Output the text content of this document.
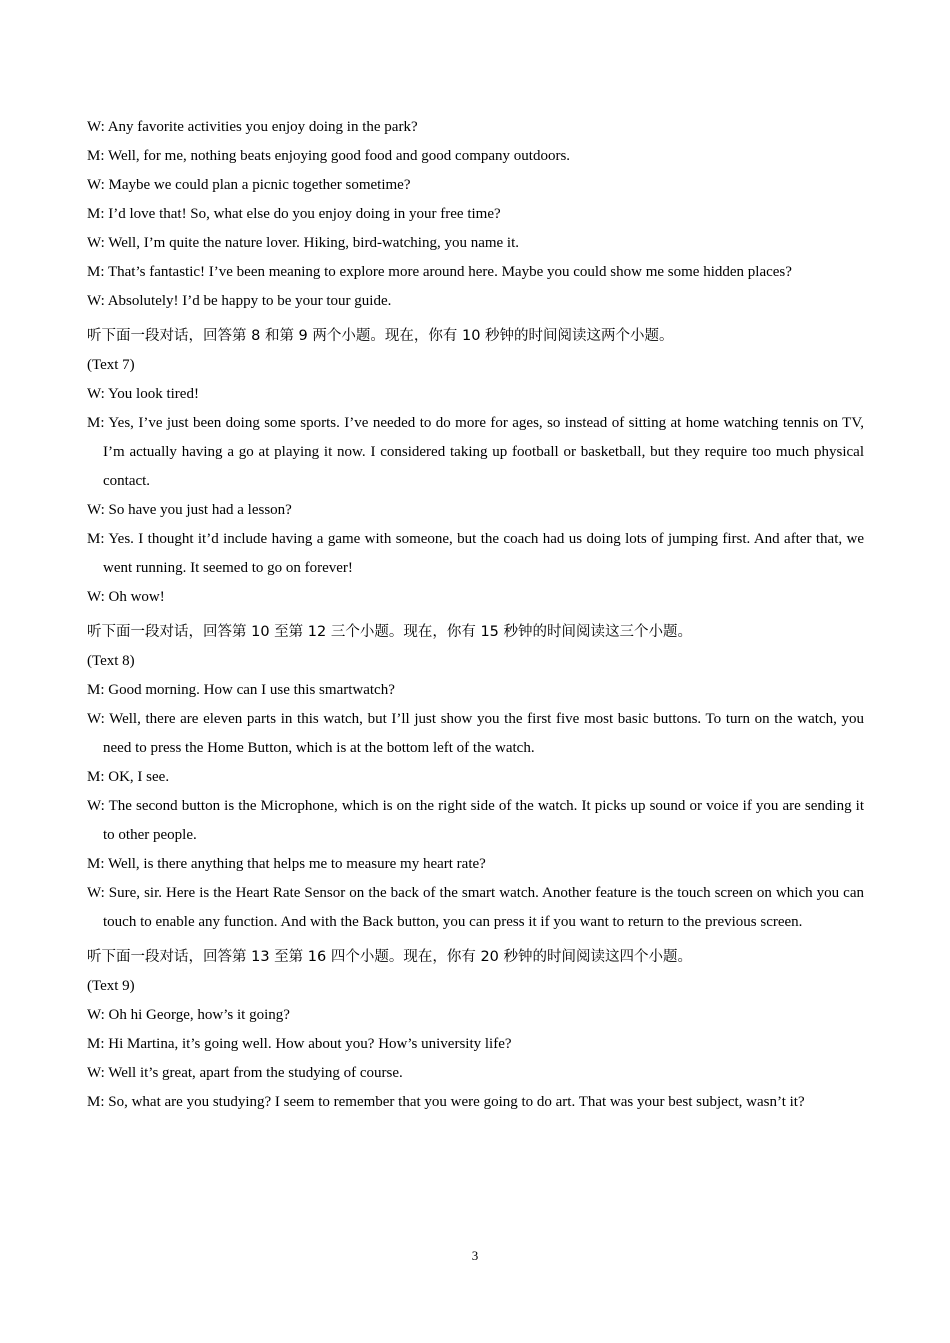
W: Any favorite activities you enjoy doing in the park?

M: Well, for me, nothing beats enjoying good food and good company outdoors.

W: Maybe we could plan a picnic together sometime?

M: I’d love that! So, what else do you enjoy doing in your free time?

W: Well, I’m quite the nature lover. Hiking, bird-watching, you name it.

M: That’s fantastic! I’ve been meaning to explore more around here. Maybe you could show me some hidden places?

W: Absolutely! I’d be happy to be your tour guide.

听下面一段对话，回答第 8 和第 9 两个小题。现在，你有 10 秒钟的时间阅读这两个小题。

(Text 7)

W: You look tired!

M: Yes, I’ve just been doing some sports. I’ve needed to do more for ages, so instead of sitting at home watching tennis on TV, I’m actually having a go at playing it now. I considered taking up football or basketball, but they require too much physical contact.

W: So have you just had a lesson?

M: Yes. I thought it’d include having a game with someone, but the coach had us doing lots of jumping first. And after that, we went running. It seemed to go on forever!

W: Oh wow!

听下面一段对话，回答第 10 至第 12 三个小题。现在，你有 15 秒钟的时间阅读这三个小题。

(Text 8)

M: Good morning. How can I use this smartwatch?

W: Well, there are eleven parts in this watch, but I’ll just show you the first five most basic buttons. To turn on the watch, you need to press the Home Button, which is at the bottom left of the watch.

M: OK, I see.

W: The second button is the Microphone, which is on the right side of the watch. It picks up sound or voice if you are sending it to other people.

M: Well, is there anything that helps me to measure my heart rate?

W: Sure, sir. Here is the Heart Rate Sensor on the back of the smart watch. Another feature is the touch screen on which you can touch to enable any function. And with the Back button, you can press it if you want to return to the previous screen.

听下面一段对话，回答第 13 至第 16 四个小题。现在，你有 20 秒钟的时间阅读这四个小题。

(Text 9)

W: Oh hi George, how’s it going?

M: Hi Martina, it’s going well. How about you? How’s university life?

W: Well it’s great, apart from the studying of course.

M: So, what are you studying? I seem to remember that you were going to do art. That was your best subject, wasn’t it?

3
